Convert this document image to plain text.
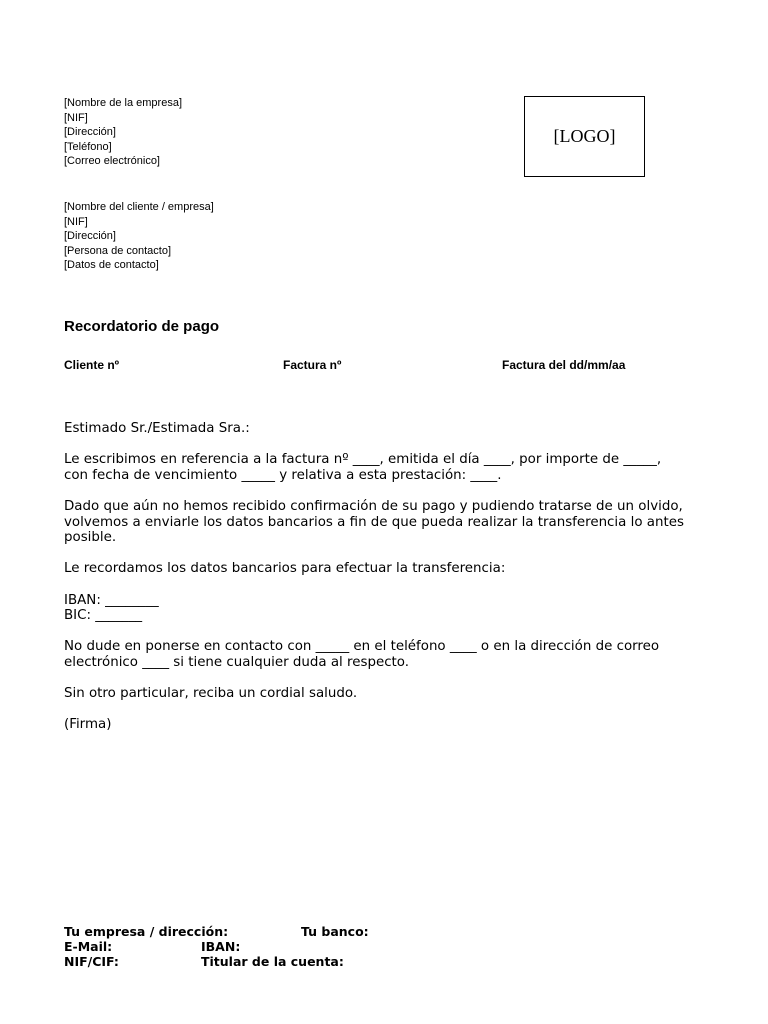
[Nombre de la empresa]
[NIF]
[Dirección]
[Teléfono]
[Correo electrónico]
[LOGO]
[Nombre del cliente / empresa]
[NIF]
[Dirección]
[Persona de contacto]
[Datos de contacto]
Recordatorio de pago
Cliente nº	Factura nº	Factura del dd/mm/aa

Estimado Sr./Estimada Sra.:

Le escribimos en referencia a la factura nº ____, emitida el día ____, por importe de _____,
con fecha de vencimiento _____ y relativa a esta prestación: ____.

Dado que aún no hemos recibido confirmación de su pago y pudiendo tratarse de un olvido,
volvemos a enviarle los datos bancarios a fin de que pueda realizar la transferencia lo antes
posible.

Le recordamos los datos bancarios para efectuar la transferencia:

IBAN: ________
BIC: _______

No dude en ponerse en contacto con _____ en el teléfono ____ o en la dirección de correo
electrónico ____ si tiene cualquier duda al respecto.

Sin otro particular, reciba un cordial saludo.

(Firma)

Tu empresa / dirección:	Tu banco:
E-Mail:	IBAN:
NIF/CIF:	Titular de la cuenta:
